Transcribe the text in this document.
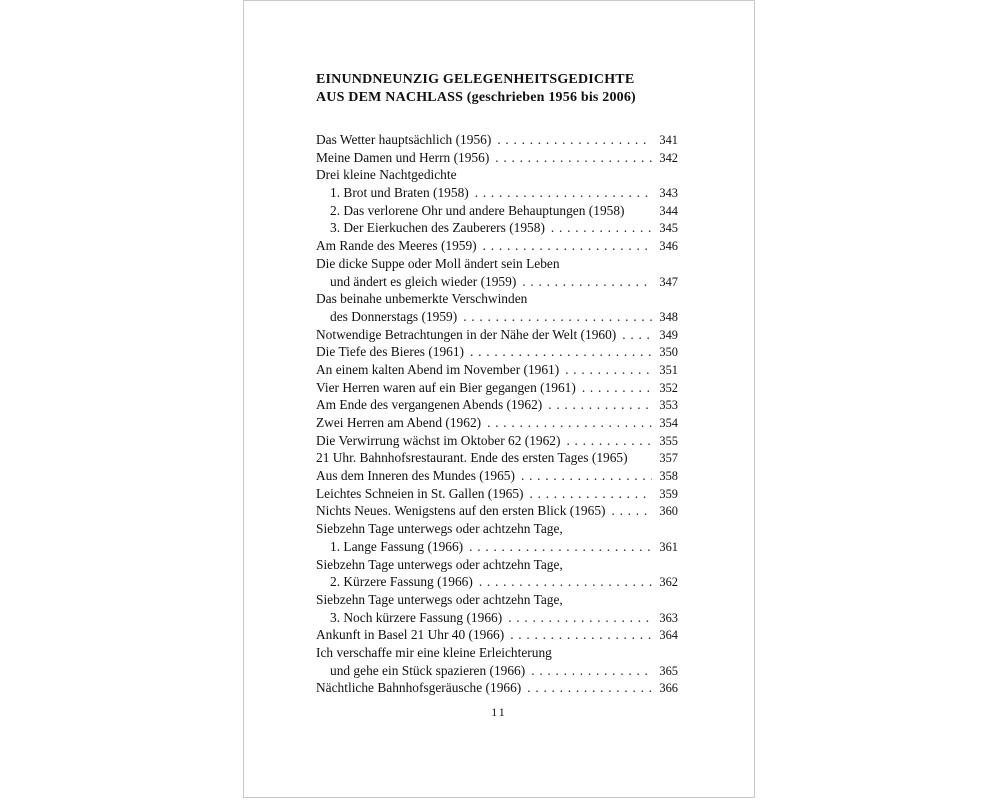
EINUNDNEUNZIG GELEGENHEITSGEDICHTE
AUS DEM NACHLASS (geschrieben 1956 bis 2006)
Das Wetter hauptsächlich (1956) . . .	341
Meine Damen und Herrn (1956) . . .	342
Drei kleine Nachtgedichte
1. Brot und Braten (1958) . . .	343
2. Das verlorene Ohr und andere Behauptungen (1958)	344
3. Der Eierkuchen des Zauberers (1958) . . .	345
Am Rande des Meeres (1959) . . .	346
Die dicke Suppe oder Moll ändert sein Leben
und ändert es gleich wieder (1959) . . .	347
Das beinahe unbemerkte Verschwinden
des Donnerstags (1959) . . .	348
Notwendige Betrachtungen in der Nähe der Welt (1960) . . .	349
Die Tiefe des Bieres (1961) . . .	350
An einem kalten Abend im November (1961) . . .	351
Vier Herren waren auf ein Bier gegangen (1961) . . .	352
Am Ende des vergangenen Abends (1962) . . .	353
Zwei Herren am Abend (1962) . . .	354
Die Verwirrung wächst im Oktober 62 (1962) . . .	355
21 Uhr. Bahnhofsrestaurant. Ende des ersten Tages (1965)	357
Aus dem Inneren des Mundes (1965) . . .	358
Leichtes Schneien in St. Gallen (1965) . . .	359
Nichts Neues. Wenigstens auf den ersten Blick (1965) . . .	360
Siebzehn Tage unterwegs oder achtzehn Tage,
1. Lange Fassung (1966) . . .	361
Siebzehn Tage unterwegs oder achtzehn Tage,
2. Kürzere Fassung (1966) . . .	362
Siebzehn Tage unterwegs oder achtzehn Tage,
3. Noch kürzere Fassung (1966) . . .	363
Ankunft in Basel 21 Uhr 40 (1966) . . .	364
Ich verschaffe mir eine kleine Erleichterung
und gehe ein Stück spazieren (1966) . . .	365
Nächtliche Bahnhofsgeräusche (1966) . . .	366
11
